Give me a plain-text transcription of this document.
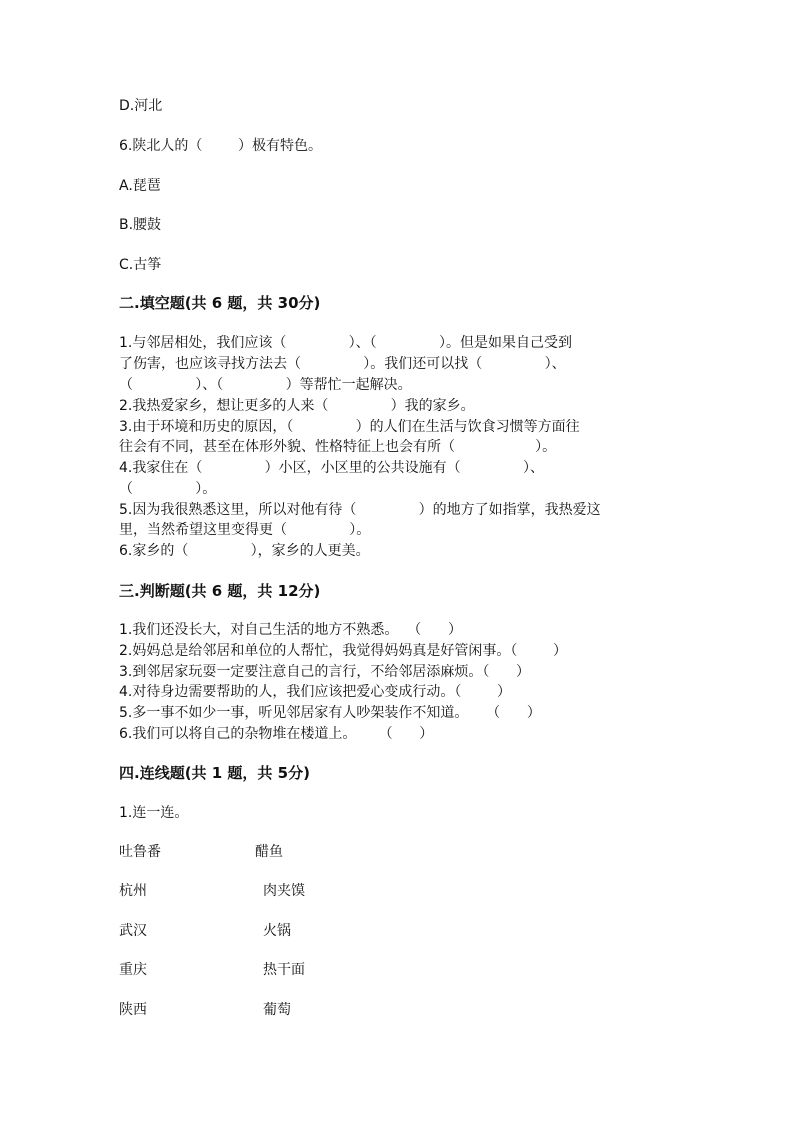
D.河北
6.陕北人的（        ）极有特色。
A.琵琶
B.腰鼓
C.古筝
二.填空题(共 6 题，共 30分)
1.与邻居相处，我们应该（              ）、（              ）。但是如果自己受到
了伤害，也应该寻找方法去（              ）。我们还可以找（              ）、
（              ）、（              ）等帮忙一起解决。
2.我热爱家乡，想让更多的人来（              ）我的家乡。
3.由于环境和历史的原因，（              ）的人们在生活与饮食习惯等方面往
往会有不同，甚至在体形外貌、性格特征上也会有所（                  ）。
4.我家住在（              ）小区，小区里的公共设施有（              ）、
（              ）。
5.因为我很熟悉这里，所以对他有待（              ）的地方了如指掌，我热爱这
里，当然希望这里变得更（              ）。
6.家乡的（              ），家乡的人更美。
三.判断题(共 6 题，共 12分)
1.我们还没长大，对自己生活的地方不熟悉。  （      ）
2.妈妈总是给邻居和单位的人帮忙，我觉得妈妈真是好管闲事。（        ）
3.到邻居家玩耍一定要注意自己的言行，不给邻居添麻烦。（      ）
4.对待身边需要帮助的人，我们应该把爱心变成行动。（        ）
5.多一事不如少一事，听见邻居家有人吵架装作不知道。    （      ）
6.我们可以将自己的杂物堆在楼道上。     （      ）
四.连线题(共 1 题，共 5分)
1.连一连。
吐鲁番	醋鱼
杭州	肉夹馍
武汉	火锅
重庆	热干面
陕西	葡萄
